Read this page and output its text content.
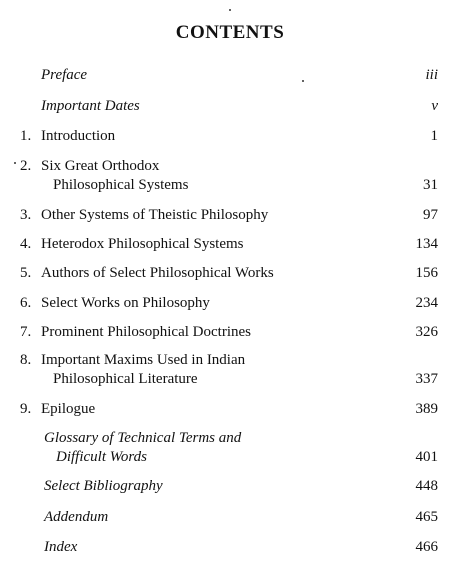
CONTENTS
Preface	iii
Important Dates	v
1. Introduction	1
2. Six Great Orthodox
Philosophical Systems	31
3. Other Systems of Theistic Philosophy	97
4. Heterodox Philosophical Systems	134
5. Authors of Select Philosophical Works	156
6. Select Works on Philosophy	234
7. Prominent Philosophical Doctrines	326
8. Important Maxims Used in Indian
Philosophical Literature	337
9. Epilogue	389
Glossary of Technical Terms and
Difficult Words	401
Select Bibliography	448
Addendum	465
Index	466
